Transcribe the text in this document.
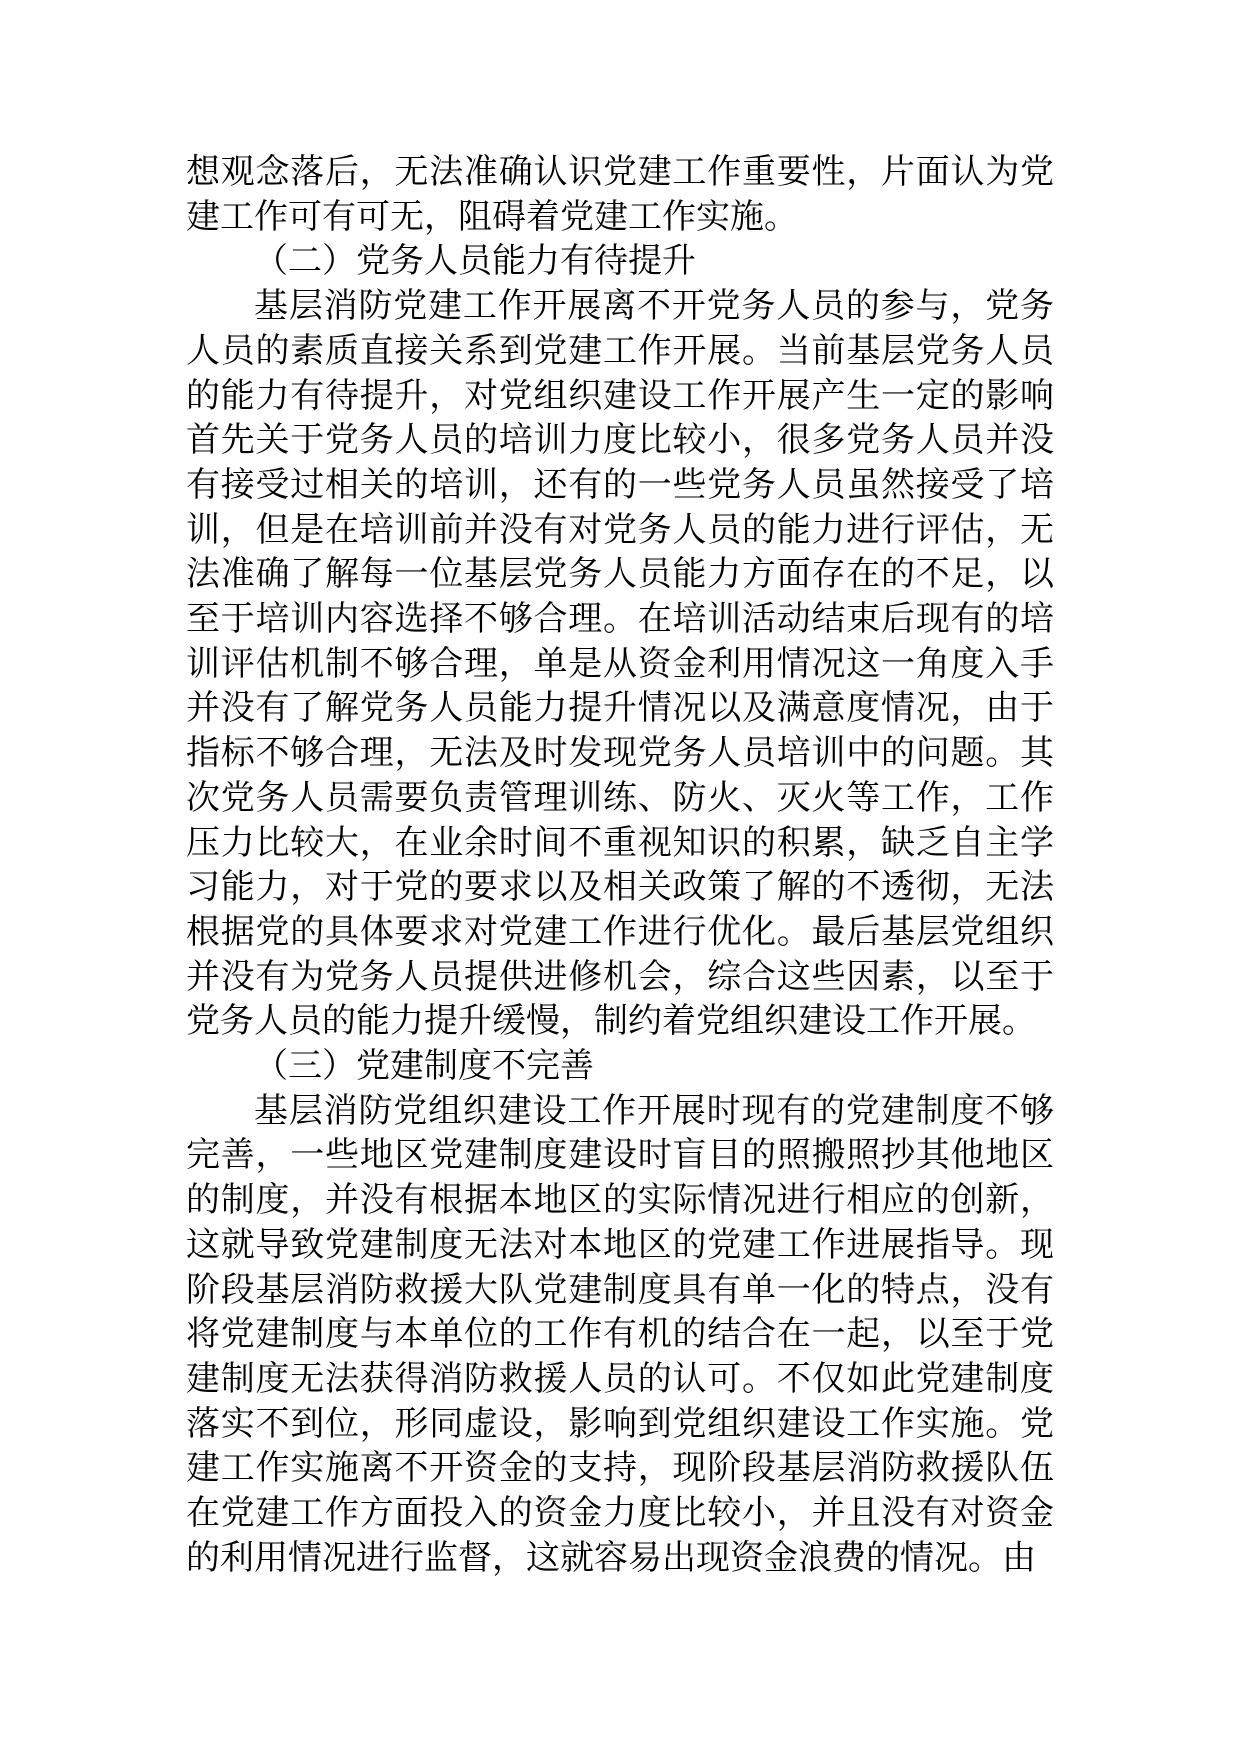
想观念落后，无法准确认识党建工作重要性，片面认为党建工作可有可无，阻碍着党建工作实施。

（二）党务人员能力有待提升

基层消防党建工作开展离不开党务人员的参与，党务人员的素质直接关系到党建工作开展。当前基层党务人员的能力有待提升，对党组织建设工作开展产生一定的影响首先关于党务人员的培训力度比较小，很多党务人员并没有接受过相关的培训，还有的一些党务人员虽然接受了培训，但是在培训前并没有对党务人员的能力进行评估，无法准确了解每一位基层党务人员能力方面存在的不足，以至于培训内容选择不够合理。在培训活动结束后现有的培训评估机制不够合理，单是从资金利用情况这一角度入手并没有了解党务人员能力提升情况以及满意度情况，由于指标不够合理，无法及时发现党务人员培训中的问题。其次党务人员需要负责管理训练、防火、灭火等工作，工作压力比较大，在业余时间不重视知识的积累，缺乏自主学习能力，对于党的要求以及相关政策了解的不透彻，无法根据党的具体要求对党建工作进行优化。最后基层党组织并没有为党务人员提供进修机会，综合这些因素，以至于党务人员的能力提升缓慢，制约着党组织建设工作开展。

（三）党建制度不完善

基层消防党组织建设工作开展时现有的党建制度不够完善，一些地区党建制度建设时盲目的照搬照抄其他地区的制度，并没有根据本地区的实际情况进行相应的创新，这就导致党建制度无法对本地区的党建工作进展指导。现阶段基层消防救援大队党建制度具有单一化的特点，没有将党建制度与本单位的工作有机的结合在一起，以至于党建制度无法获得消防救援人员的认可。不仅如此党建制度落实不到位，形同虚设，影响到党组织建设工作实施。党建工作实施离不开资金的支持，现阶段基层消防救援队伍在党建工作方面投入的资金力度比较小，并且没有对资金的利用情况进行监督，这就容易出现资金浪费的情况。由
